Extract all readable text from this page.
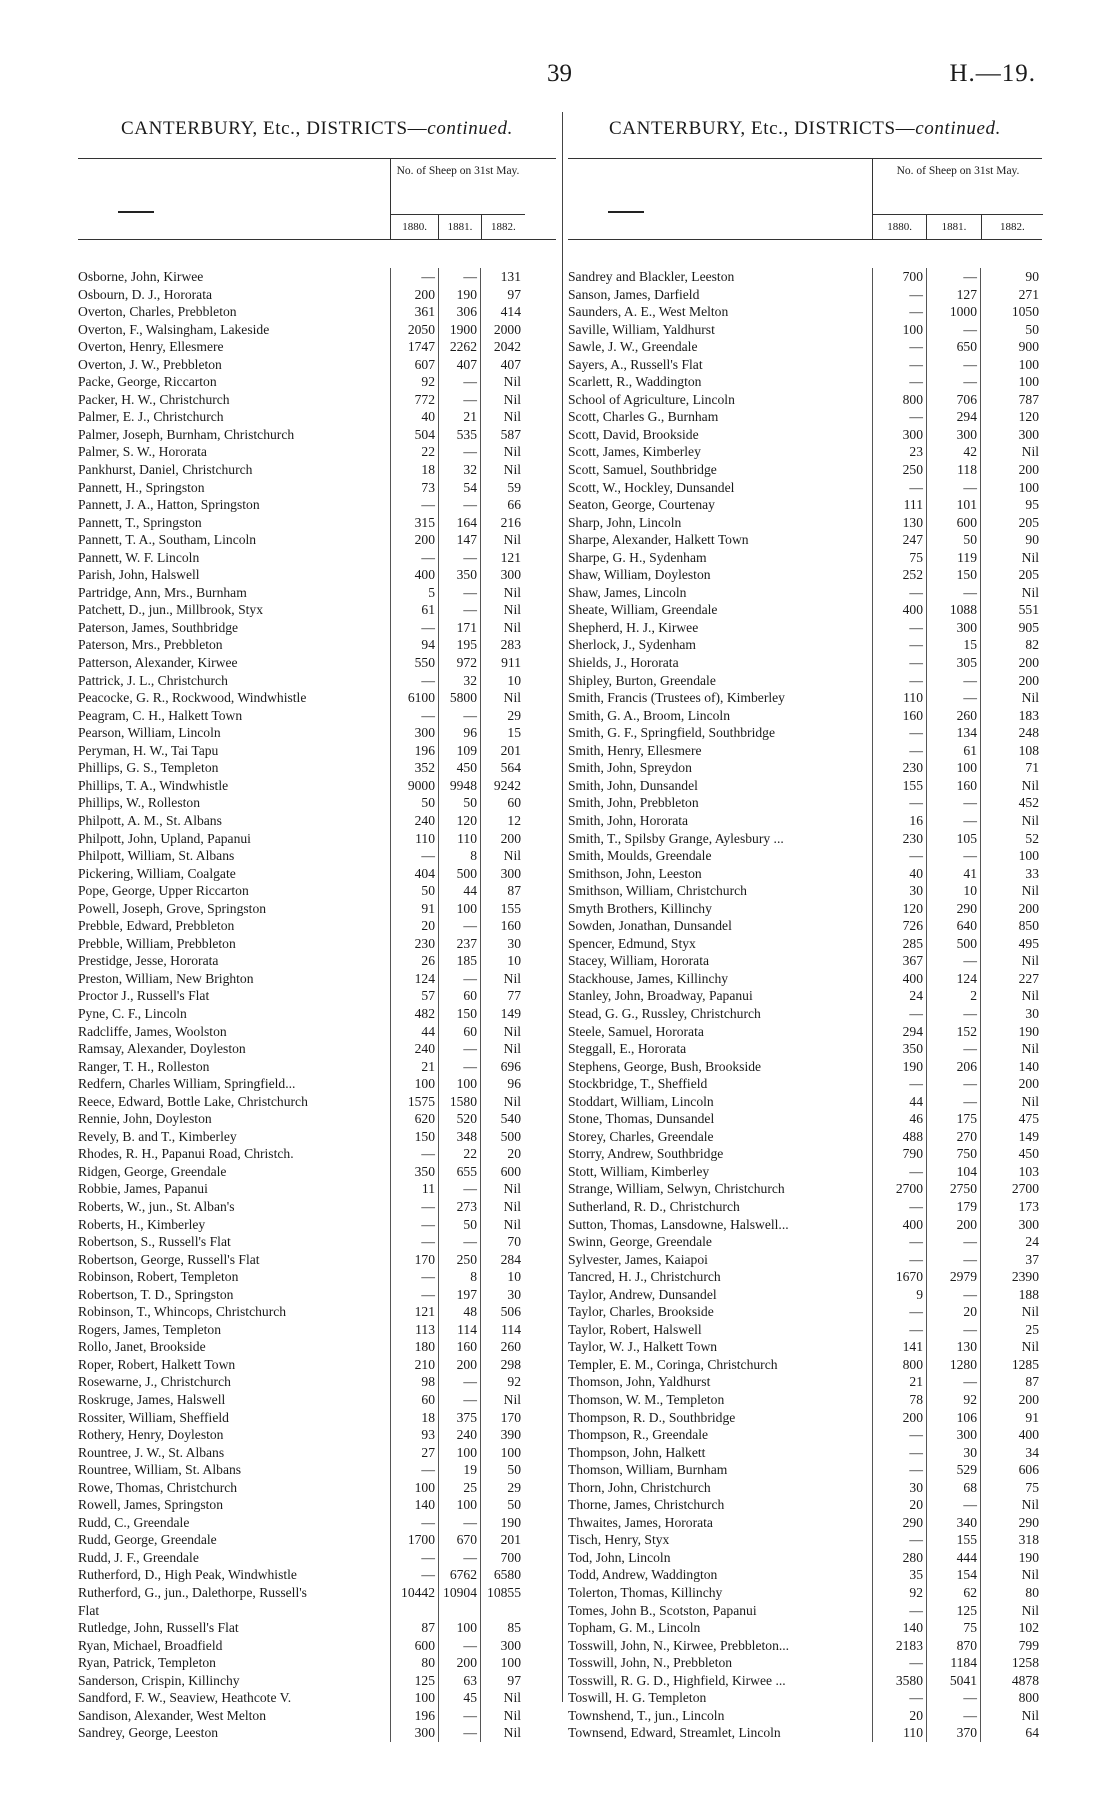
39	H.—19.
CANTERBURY, Etc., DISTRICTS—continued.
No. of Sheep on 31st May.
1880.	1881.	1882.
Osborne, John, Kirwee	—	—	131
Osbourn, D. J., Hororata	200	190	97
Overton, Charles, Prebbleton	361	306	414
Overton, F., Walsingham, Lakeside	2050	1900	2000
Overton, Henry, Ellesmere	1747	2262	2042
Overton, J. W., Prebbleton	607	407	407
Packe, George, Riccarton	92	—	Nil
Packer, H. W., Christchurch	772	—	Nil
Palmer, E. J., Christchurch	40	21	Nil
Palmer, Joseph, Burnham, Christchurch	504	535	587
Palmer, S. W., Hororata	22	—	Nil
Pankhurst, Daniel, Christchurch	18	32	Nil
Pannett, H., Springston	73	54	59
Pannett, J. A., Hatton, Springston	—	—	66
Pannett, T., Springston	315	164	216
Pannett, T. A., Southam, Lincoln	200	147	Nil
Pannett, W. F. Lincoln	—	—	121
Parish, John, Halswell	400	350	300
Partridge, Ann, Mrs., Burnham	5	—	Nil
Patchett, D., jun., Millbrook, Styx	61	—	Nil
Paterson, James, Southbridge	—	171	Nil
Paterson, Mrs., Prebbleton	94	195	283
Patterson, Alexander, Kirwee	550	972	911
Pattrick, J. L., Christchurch	—	32	10
Peacocke, G. R., Rockwood, Windwhistle	6100	5800	Nil
Peagram, C. H., Halkett Town	—	—	29
Pearson, William, Lincoln	300	96	15
Peryman, H. W., Tai Tapu	196	109	201
Phillips, G. S., Templeton	352	450	564
Phillips, T. A., Windwhistle	9000	9948	9242
Phillips, W., Rolleston	50	50	60
Philpott, A. M., St. Albans	240	120	12
Philpott, John, Upland, Papanui	110	110	200
Philpott, William, St. Albans	—	8	Nil
Pickering, William, Coalgate	404	500	300
Pope, George, Upper Riccarton	50	44	87
Powell, Joseph, Grove, Springston	91	100	155
Prebble, Edward, Prebbleton	20	—	160
Prebble, William, Prebbleton	230	237	30
Prestidge, Jesse, Hororata	26	185	10
Preston, William, New Brighton	124	—	Nil
Proctor J., Russell's Flat	57	60	77
Pyne, C. F., Lincoln	482	150	149
Radcliffe, James, Woolston	44	60	Nil
Ramsay, Alexander, Doyleston	240	—	Nil
Ranger, T. H., Rolleston	21	—	696
Redfern, Charles William, Springfield...	100	100	96
Reece, Edward, Bottle Lake, Christchurch	1575	1580	Nil
Rennie, John, Doyleston	620	520	540
Revely, B. and T., Kimberley	150	348	500
Rhodes, R. H., Papanui Road, Christch.	—	22	20
Ridgen, George, Greendale	350	655	600
Robbie, James, Papanui	11	—	Nil
Roberts, W., jun., St. Alban's	—	273	Nil
Roberts, H., Kimberley	—	50	Nil
Robertson, S., Russell's Flat	—	—	70
Robertson, George, Russell's Flat	170	250	284
Robinson, Robert, Templeton	—	8	10
Robertson, T. D., Springston	—	197	30
Robinson, T., Whincops, Christchurch	121	48	506
Rogers, James, Templeton	113	114	114
Rollo, Janet, Brookside	180	160	260
Roper, Robert, Halkett Town	210	200	298
Rosewarne, J., Christchurch	98	—	92
Roskruge, James, Halswell	60	—	Nil
Rossiter, William, Sheffield	18	375	170
Rothery, Henry, Doyleston	93	240	390
Rountree, J. W., St. Albans	27	100	100
Rountree, William, St. Albans	—	19	50
Rowe, Thomas, Christchurch	100	25	29
Rowell, James, Springston	140	100	50
Rudd, C., Greendale	—	—	190
Rudd, George, Greendale	1700	670	201
Rudd, J. F., Greendale	—	—	700
Rutherford, D., High Peak, Windwhistle	—	6762	6580
Rutherford, G., jun., Dalethorpe, Russell's	10442 10904 10855
Flat
Rutledge, John, Russell's Flat	87	100	85
Ryan, Michael, Broadfield	600	—	300
Ryan, Patrick, Templeton	80	200	100
Sanderson, Crispin, Killinchy	125	63	97
Sandford, F. W., Seaview, Heathcote V.	100	45	Nil
Sandison, Alexander, West Melton	196	—	Nil
Sandrey, George, Leeston	300	—	Nil
CANTERBURY, Etc., DISTRICTS—continued.
No. of Sheep on 31st May.
1880.	1881.	1882.
Sandrey and Blackler, Leeston	700	—	90
Sanson, James, Darfield	—	127	271
Saunders, A. E., West Melton	—	1000	1050
Saville, William, Yaldhurst	100	—	50
Sawle, J. W., Greendale	—	650	900
Sayers, A., Russell's Flat	—	—	100
Scarlett, R., Waddington	—	—	100
School of Agriculture, Lincoln	800	706	787
Scott, Charles G., Burnham	—	294	120
Scott, David, Brookside	300	300	300
Scott, James, Kimberley	23	42	Nil
Scott, Samuel, Southbridge	250	118	200
Scott, W., Hockley, Dunsandel	—	—	100
Seaton, George, Courtenay	111	101	95
Sharp, John, Lincoln	130	600	205
Sharpe, Alexander, Halkett Town	247	50	90
Sharpe, G. H., Sydenham	75	119	Nil
Shaw, William, Doyleston	252	150	205
Shaw, James, Lincoln	—	—	Nil
Sheate, William, Greendale	400	1088	551
Shepherd, H. J., Kirwee	—	300	905
Sherlock, J., Sydenham	—	15	82
Shields, J., Hororata	—	305	200
Shipley, Burton, Greendale	—	—	200
Smith, Francis (Trustees of), Kimberley	110	—	Nil
Smith, G. A., Broom, Lincoln	160	260	183
Smith, G. F., Springfield, Southbridge	—	134	248
Smith, Henry, Ellesmere	—	61	108
Smith, John, Spreydon	230	100	71
Smith, John, Dunsandel	155	160	Nil
Smith, John, Prebbleton	—	—	452
Smith, John, Hororata	16	—	Nil
Smith, T., Spilsby Grange, Aylesbury ...	230	105	52
Smith, Moulds, Greendale	—	—	100
Smithson, John, Leeston	40	41	33
Smithson, William, Christchurch	30	10	Nil
Smyth Brothers, Killinchy	120	290	200
Sowden, Jonathan, Dunsandel	726	640	850
Spencer, Edmund, Styx	285	500	495
Stacey, William, Hororata	367	—	Nil
Stackhouse, James, Killinchy	400	124	227
Stanley, John, Broadway, Papanui	24	2	Nil
Stead, G. G., Russley, Christchurch	—	—	30
Steele, Samuel, Hororata	294	152	190
Steggall, E., Hororata	350	—	Nil
Stephens, George, Bush, Brookside	190	206	140
Stockbridge, T., Sheffield	—	—	200
Stoddart, William, Lincoln	44	—	Nil
Stone, Thomas, Dunsandel	46	175	475
Storey, Charles, Greendale	488	270	149
Storry, Andrew, Southbridge	790	750	450
Stott, William, Kimberley	—	104	103
Strange, William, Selwyn, Christchurch	2700	2750	2700
Sutherland, R. D., Christchurch	—	179	173
Sutton, Thomas, Lansdowne, Halswell...	400	200	300
Swinn, George, Greendale	—	—	24
Sylvester, James, Kaiapoi	—	—	37
Tancred, H. J., Christchurch	1670	2979	2390
Taylor, Andrew, Dunsandel	9	—	188
Taylor, Charles, Brookside	—	20	Nil
Taylor, Robert, Halswell	—	—	25
Taylor, W. J., Halkett Town	141	130	Nil
Templer, E. M., Coringa, Christchurch	800	1280	1285
Thomson, John, Yaldhurst	21	—	87
Thomson, W. M., Templeton	78	92	200
Thompson, R. D., Southbridge	200	106	91
Thompson, R., Greendale	—	300	400
Thompson, John, Halkett	—	30	34
Thomson, William, Burnham	—	529	606
Thorn, John, Christchurch	30	68	75
Thorne, James, Christchurch	20	—	Nil
Thwaites, James, Hororata	290	340	290
Tisch, Henry, Styx	—	155	318
Tod, John, Lincoln	280	444	190
Todd, Andrew, Waddington	35	154	Nil
Tolerton, Thomas, Killinchy	92	62	80
Tomes, John B., Scotston, Papanui	—	125	Nil
Topham, G. M., Lincoln	140	75	102
Tosswill, John, N., Kirwee, Prebbleton...	2183	870	799
Tosswill, John, N., Prebbleton	—	1184	1258
Tosswill, R. G. D., Highfield, Kirwee ...	3580	5041	4878
Toswill, H. G. Templeton	—	—	800
Townshend, T., jun., Lincoln	20	—	Nil
Townsend, Edward, Streamlet, Lincoln	110	370	64
